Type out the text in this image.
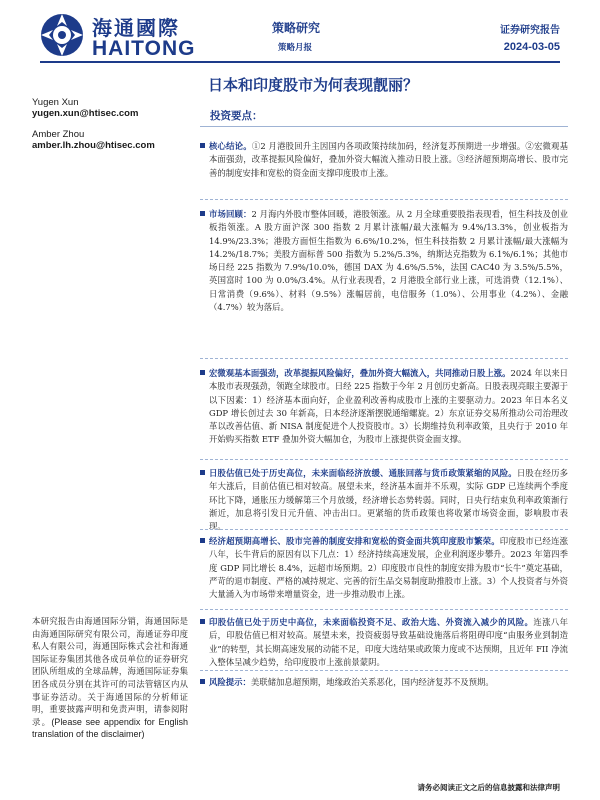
海通國際
HAITONG
策略研究
策略月报
证券研究报告
2024-03-05
日本和印度股市为何表现靓丽？
Yugen Xun
yugen.xun@htisec.com
Amber Zhou
amber.lh.zhou@htisec.com
投资要点：
核心结论。①2 月港股回升主因国内各项政策持续加码，经济复苏预期进一步增强。②宏微观基本面强劲，改革提振风险偏好，叠加外资大幅流入推动日股上涨。③经济超预期高增长、股市完善的制度安排和宽松的资金面支撑印度股市上涨。
市场回顾：2 月海内外股市整体回暖，港股领涨。从 2 月全球重要股指表现看，恒生科技及创业板指领涨。A 股方面沪深 300 指数 2 月累计涨幅/最大涨幅为 9.4%/13.3%，创业板指为 14.9%/23.3%；港股方面恒生指数为 6.6%/10.2%，恒生科技指数 2 月累计涨幅/最大涨幅为 14.2%/18.7%；美股方面标普 500 指数为 5.2%/5.3%，纳斯达克指数为 6.1%/6.1%；其他市场日经 225 指数为 7.9%/10.0%，德国 DAX 为 4.6%/5.5%，法国 CAC40 为 3.5%/5.5%，英国富时 100 为 0.0%/3.4%。从行业表现看，2 月港股全部行业上涨，可选消费（12.1%）、日常消费（9.6%）、材料（9.5%）涨幅居前，电信服务（1.0%）、公用事业（4.2%）、金融（4.7%）较为落后。
宏微观基本面强劲，改革提振风险偏好，叠加外资大幅流入，共同推动日股上涨。2024 年以来日本股市表现强劲，领跑全球股市。日经 225 指数于今年 2 月创历史新高。日股表现亮眼主要源于以下因素：1）经济基本面向好，企业盈利改善构成股市上涨的主要驱动力。2023 年日本名义 GDP 增长创过去 30 年新高，日本经济逐渐摆脱通缩螺旋。2）东京证券交易所推动公司治理改革以改善估值、新 NISA 制度促进个人投资股市。3）长期维持负利率政策，且央行于 2010 年开始购买指数 ETF 叠加外资大幅加仓，为股市上涨提供资金面支撑。
日股估值已处于历史高位，未来面临经济放缓、通胀回落与货币政策紧缩的风险。日股在经历多年大涨后，目前估值已相对较高。展望未来，经济基本面并不乐观，实际 GDP 已连续两个季度环比下降，通胀压力缓解第三个月放缓，经济增长态势转弱。同时，日央行结束负利率政策渐行渐近，加息将引发日元升值、冲击出口。更紧缩的货币政策也将收紧市场资金面，影响股市表现。
经济超预期高增长、股市完善的制度安排和宽松的资金面共筑印度股市繁荣。印度股市已经连涨八年，长牛背后的原因有以下几点：1）经济持续高速发展，企业利润逐步攀升。2023 年第四季度 GDP 同比增长 8.4%，远超市场预期。2）印度股市良性的制度安排为股市“长牛”奠定基础，严苛的退市制度、严格的减持规定、完善的衍生品交易制度助推股市上涨。3）个人投资者与外资大量涌入为市场带来增量资金，进一步推动股市上涨。
印股估值已处于历史中高位，未来面临投资不足、政治大选、外资流入减少的风险。连涨八年后，印股估值已相对较高。展望未来，投资疲弱导致基础设施落后将阻碍印度“由服务业到制造业”的转型，其长期高速发展的动能不足，印度大选结果或政策力度或不达预期，且近年 FII 净流入整体呈减少趋势，给印度股市上涨前景蒙阴。
风险提示：美联储加息超预期，地缘政治关系恶化，国内经济复苏不及预期。
本研究报告由海通国际分销，海通国际是由海通国际研究有限公司，海通证券印度私人有限公司，海通国际株式会社和海通国际证券集团其他各成员单位的证券研究团队所组成的全球品牌，海通国际证券集团各成员分别在其许可的司法管辖区内从事证券活动。关于海通国际的分析师证明，重要披露声明和免责声明，请参阅附录。(Please see appendix for English translation of the disclaimer)
请务必阅读正文之后的信息披露和法律声明
